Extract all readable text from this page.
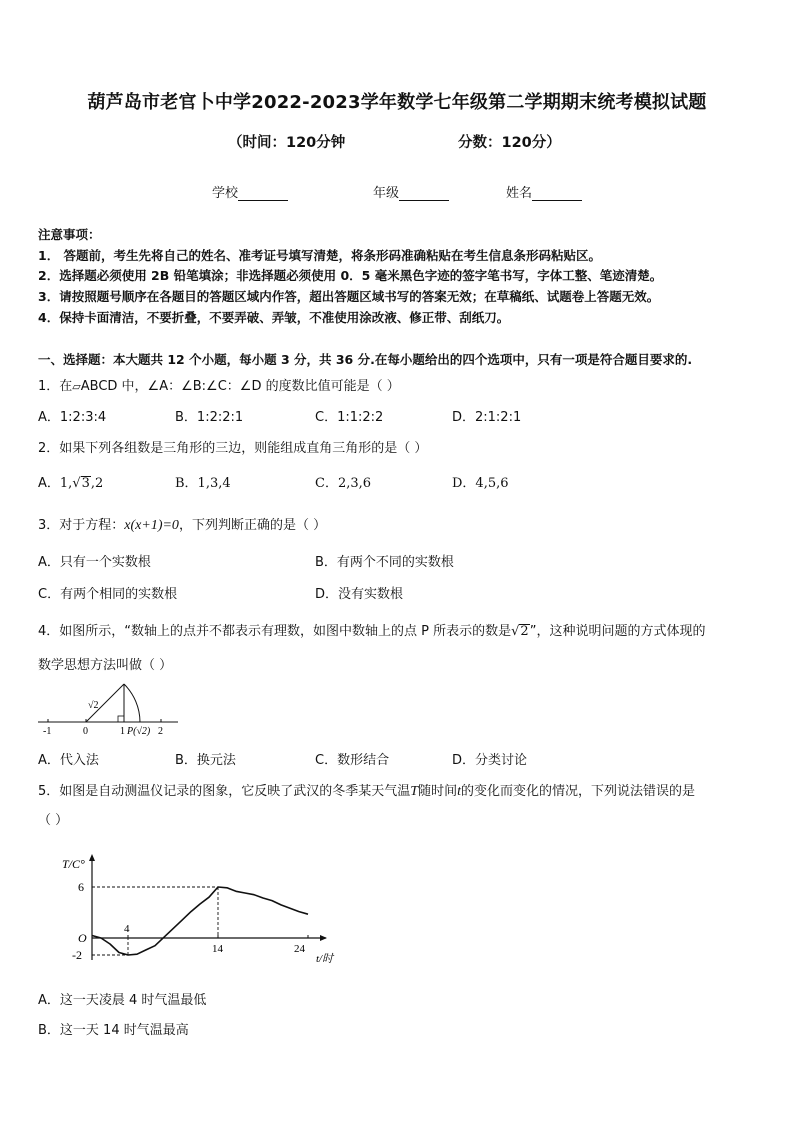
葫芦岛市老官卜中学2022-2023学年数学七年级第二学期期末统考模拟试题
（时间：120分钟	分数：120分）
学校	年级	姓名
注意事项：
1． 答题前，考生先将自己的姓名、准考证号填写清楚，将条形码准确粘贴在考生信息条形码粘贴区。
2．选择题必须使用 2B 铅笔填涂；非选择题必须使用 0．5 毫米黑色字迹的签字笔书写，字体工整、笔迹清楚。
3．请按照题号顺序在各题目的答题区域内作答，超出答题区域书写的答案无效；在草稿纸、试题卷上答题无效。
4．保持卡面清洁，不要折叠，不要弄破、弄皱，不准使用涂改液、修正带、刮纸刀。
一、选择题：本大题共 12 个小题，每小题 3 分，共 36 分.在每小题给出的四个选项中，只有一项是符合题目要求的.
1．在▱ABCD 中，∠A：∠B:∠C：∠D 的度数比值可能是（ ）
A．1:2:3:4	B．1:2:2:1	C．1:1:2:2	D．2:1:2:1
2．如果下列各组数是三角形的三边，则能组成直角三角形的是（ ）
A．1,√3,2	B．1,3,4	C．2,3,6	D．4,5,6
3．对于方程：x(x+1)=0，下列判断正确的是（ ）
A．只有一个实数根	B．有两个不同的实数根
C．有两个相同的实数根	D．没有实数根
4．如图所示，“数轴上的点并不都表示有理数，如图中数轴上的点 P 所表示的数是√2”，这种说明问题的方式体现的
数学思想方法叫做（ ）
√2
-1	0	1 P(√2) 2
A．代入法	B．换元法	C．数形结合	D．分类讨论
5．如图是自动测温仪记录的图象，它反映了武汉的冬季某天气温T随时间t的变化而变化的情况，下列说法错误的是
（ ）
T/C°
t/时
O
4
14	24
6
-2
A．这一天凌晨 4 时气温最低
B．这一天 14 时气温最高
